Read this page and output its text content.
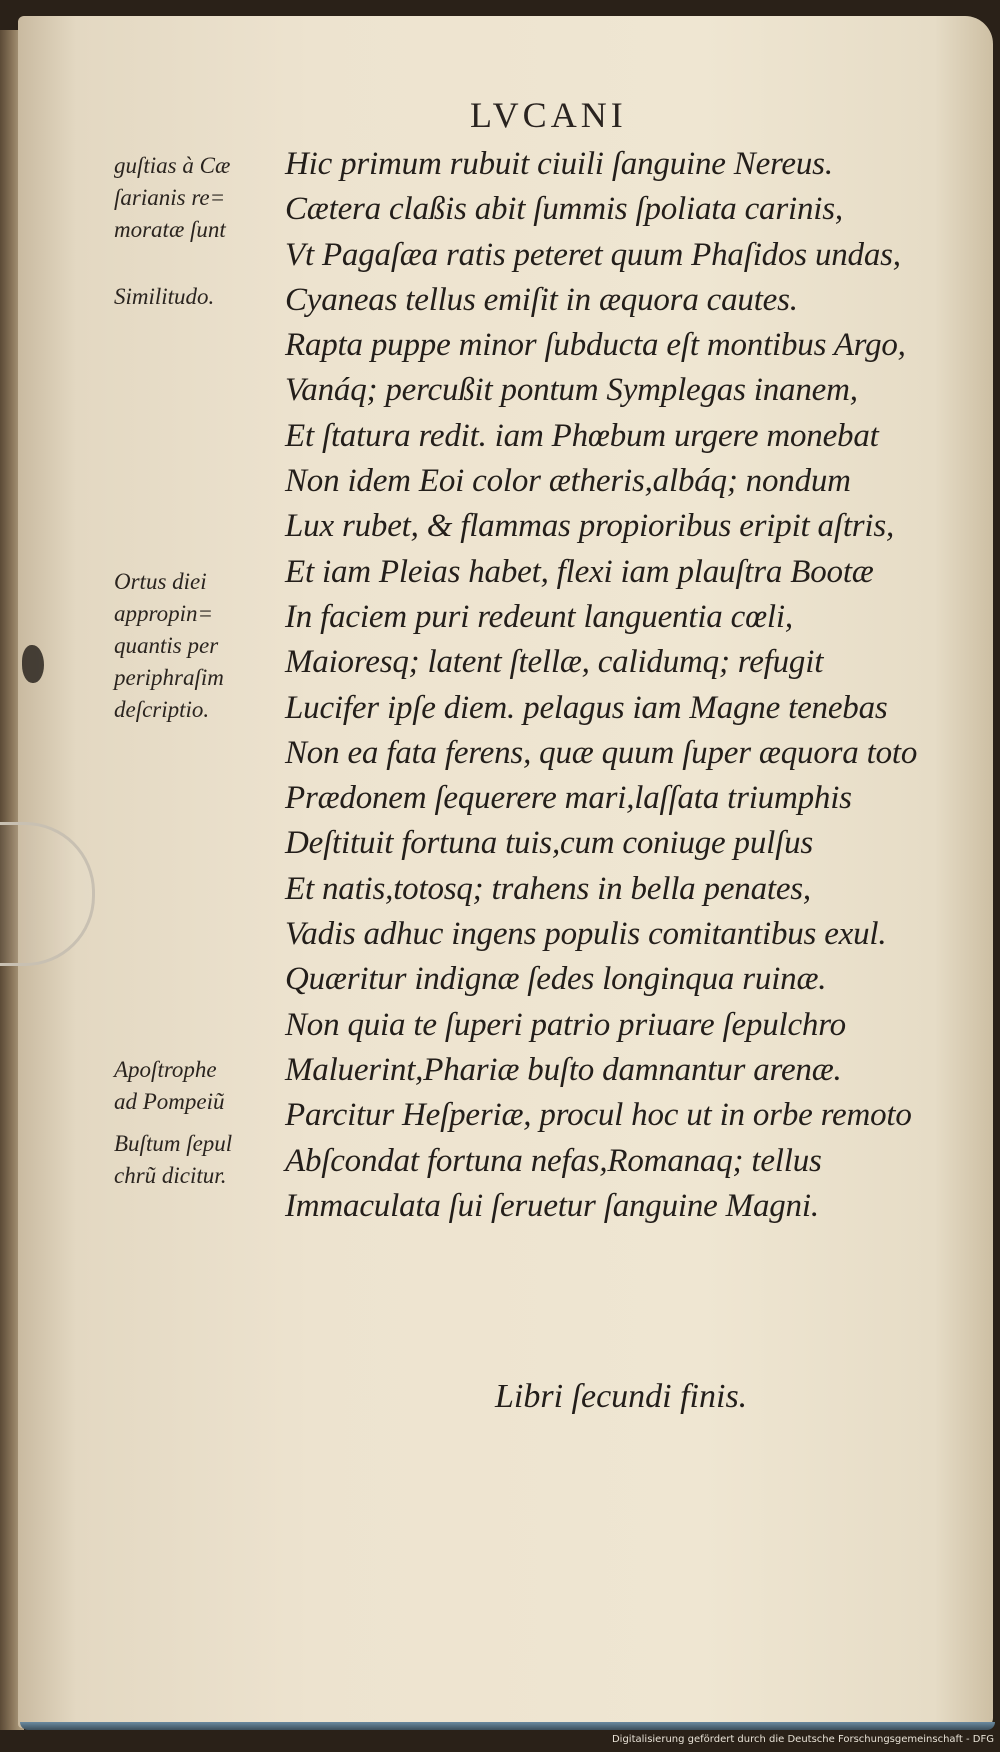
LVCANI
Hic primum rubuit ciuili ſanguine Nereus.
Cætera claßis abit ſummis ſpoliata carinis,
Vt Pagaſæa ratis peteret quum Phaſidos undas,
Cyaneas tellus emiſit in æquora cautes.
Rapta puppe minor ſubducta eſt montibus Argo,
Vanáq; percußit pontum Symplegas inanem,
Et ſtatura redit. iam Phœbum urgere monebat
Non idem Eoi color ætheris,albáq; nondum
Lux rubet, & flammas propioribus eripit aſtris,
Et iam Pleias habet, flexi iam plauſtra Bootæ
In faciem puri redeunt languentia cœli,
Maioresq; latent ſtellæ, calidumq; refugit
Lucifer ipſe diem. pelagus iam Magne tenebas
Non ea fata ferens, quæ quum ſuper æquora toto
Prædonem ſequerere mari,laſſata triumphis
Deſtituit fortuna tuis,cum coniuge pulſus
Et natis,totosq; trahens in bella penates,
Vadis adhuc ingens populis comitantibus exul.
Quæritur indignæ ſedes longinqua ruinæ.
Non quia te ſuperi patrio priuare ſepulchro
Maluerint,Phariæ buſto damnantur arenæ.
Parcitur Heſperiæ, procul hoc ut in orbe remoto
Abſcondat fortuna nefas,Romanaq; tellus
Immaculata ſui ſeruetur ſanguine Magni.
guſtias à Cæ
ſarianis re=
moratæ ſunt
Similitudo.
Ortus diei
appropin=
quantis per
periphraſim
deſcriptio.
Apoſtrophe
ad Pompeiũ
Buſtum ſepul
chrũ dicitur.
Libri ſecundi finis.
Digitalisierung gefördert durch die Deutsche Forschungsgemeinschaft - DFG
